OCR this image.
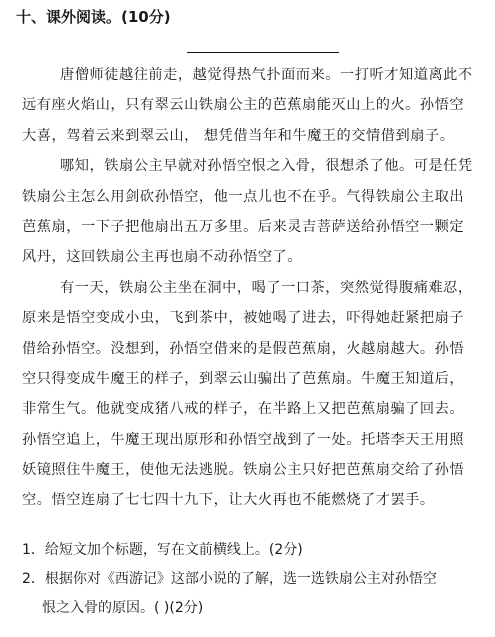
十、课外阅读。(10分)
唐僧师徒越往前走，越觉得热气扑面而来。一打听才知道离此不
远有座火焰山，只有翠云山铁扇公主的芭蕉扇能灭山上的火。孙悟空
大喜，驾着云来到翠云山， 想凭借当年和牛魔王的交情借到扇子。
哪知，铁扇公主早就对孙悟空恨之入骨，很想杀了他。可是任凭
铁扇公主怎么用剑砍孙悟空，他一点儿也不在乎。气得铁扇公主取出
芭蕉扇，一下子把他扇出五万多里。后来灵吉菩萨送给孙悟空一颗定
风丹，这回铁扇公主再也扇不动孙悟空了。
有一天，铁扇公主坐在洞中，喝了一口茶，突然觉得腹痛难忍，
原来是悟空变成小虫，飞到茶中，被她喝了进去，吓得她赶紧把扇子
借给孙悟空。没想到，孙悟空借来的是假芭蕉扇，火越扇越大。孙悟
空只得变成牛魔王的样子，到翠云山骗出了芭蕉扇。牛魔王知道后，
非常生气。他就变成猪八戒的样子，在半路上又把芭蕉扇骗了回去。
孙悟空追上，牛魔王现出原形和孙悟空战到了一处。托塔李天王用照
妖镜照住牛魔王，使他无法逃脱。铁扇公主只好把芭蕉扇交给了孙悟
空。悟空连扇了七七四十九下，让大火再也不能燃烧了才罢手。
1．给短文加个标题，写在文前横线上。(2分)
2．根据你对《西游记》这部小说的了解，选一选铁扇公主对孙悟空
恨之入骨的原因。( )(2分)
